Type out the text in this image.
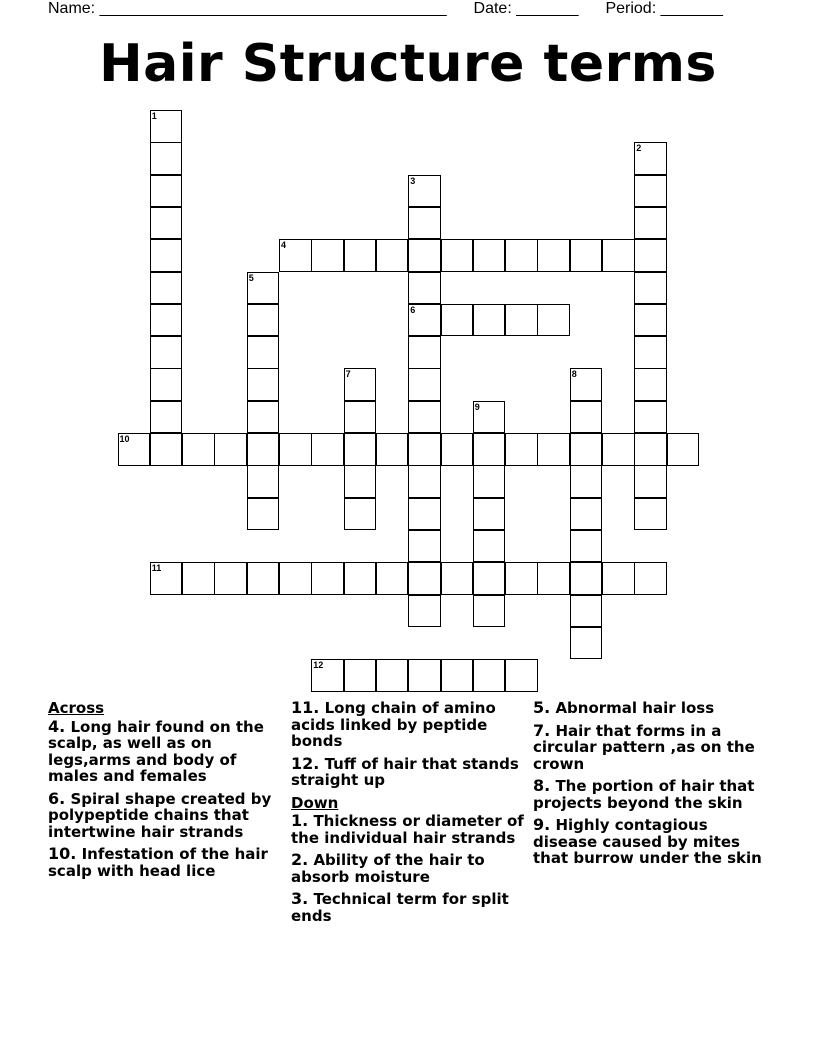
Name: _______________________________________ Date: _______ Period: _______
Hair Structure terms
1
2
3
6
4
5
7	8
9
10
11
12
Across
4. Long hair found on the scalp, as well as on legs,arms and body of males and females
6. Spiral shape created by polypeptide chains that intertwine hair strands
10. Infestation of the hair scalp with head lice
11. Long chain of amino acids linked by peptide bonds
12. Tuff of hair that stands straight up
Down
1. Thickness or diameter of the individual hair strands
2. Ability of the hair to absorb moisture
3. Technical term for split ends
5. Abnormal hair loss
7. Hair that forms in a circular pattern ,as on the crown
8. The portion of hair that projects beyond the skin
9. Highly contagious disease caused by mites that burrow under the skin
